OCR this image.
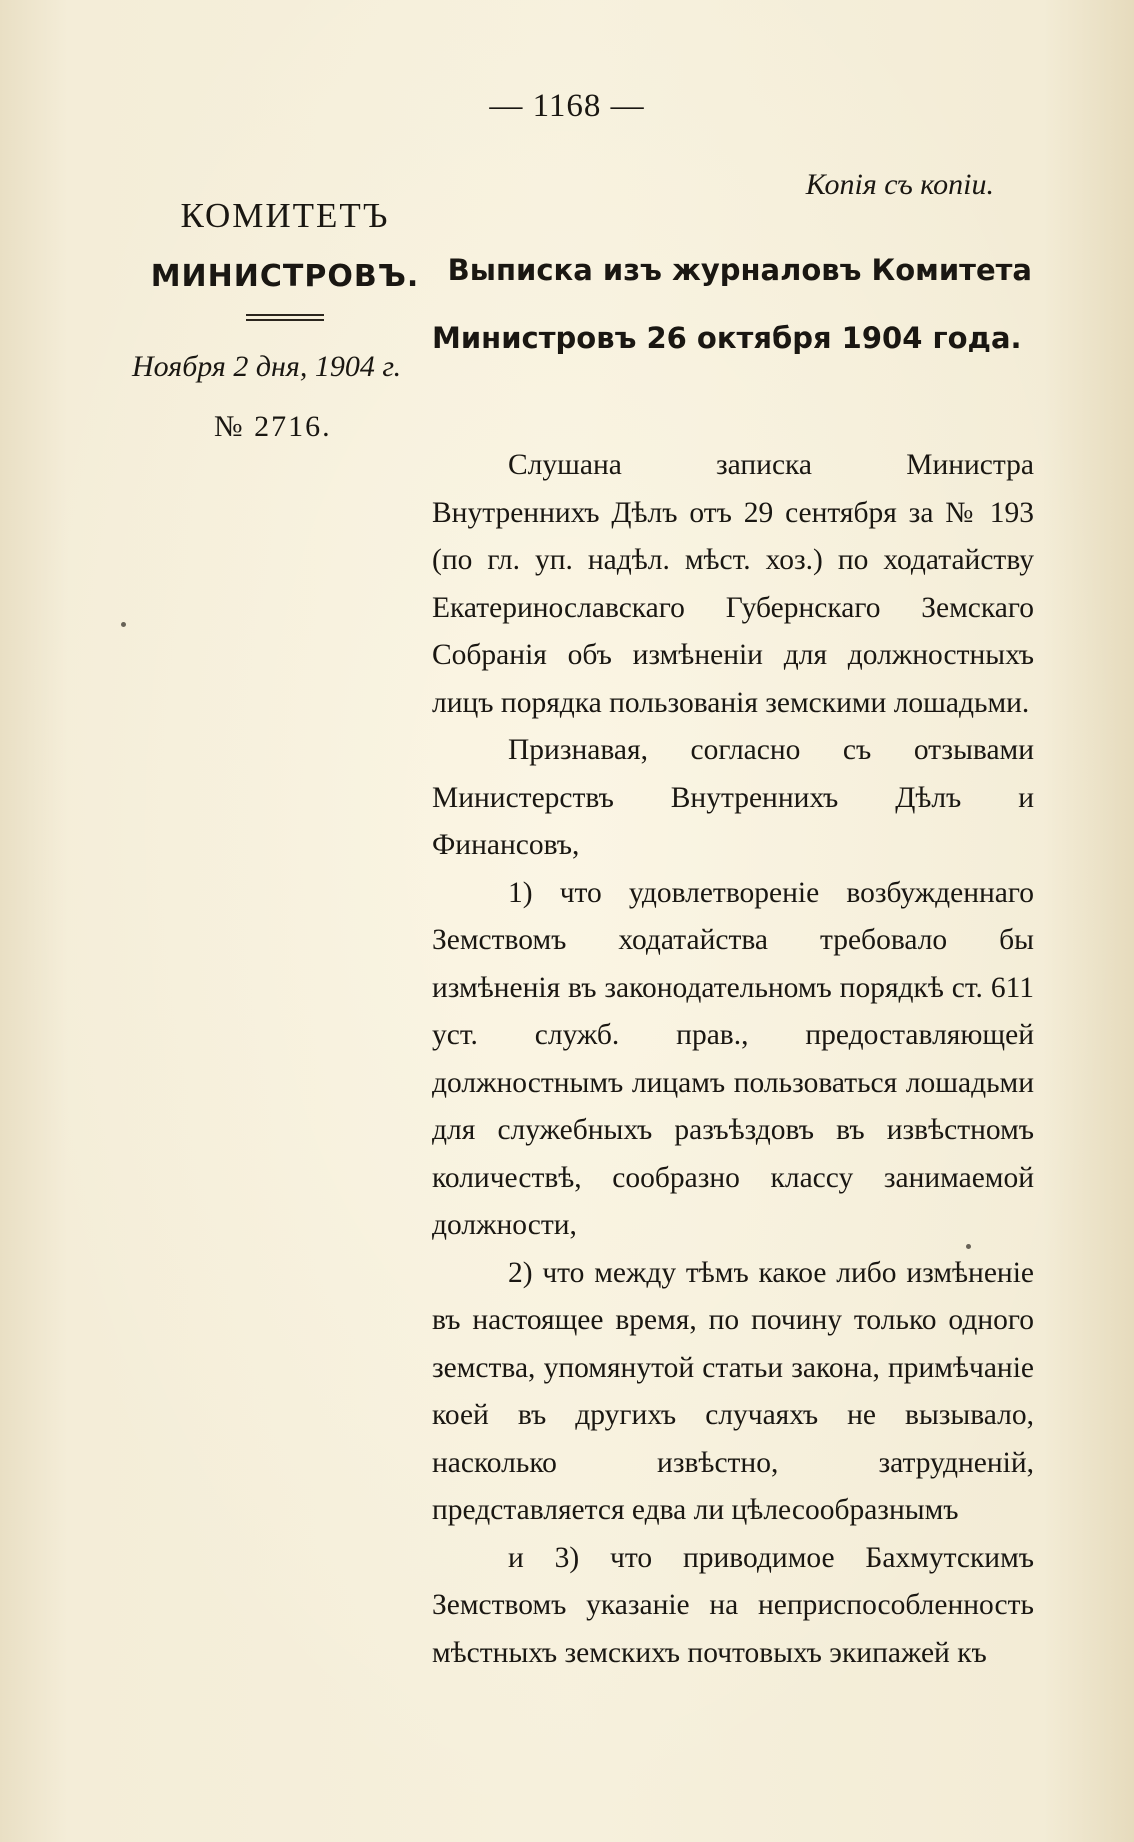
— 1168 —
Копія съ копіи.
КОМИТЕТЪ
МИНИСТРОВЪ.
Ноября 2 дня, 1904 г.
№ 2716.
Выписка изъ журналовъ Комитета
Министровъ 26 октября 1904 года.

Слушана записка Министра Внутреннихъ Дѣлъ отъ 29 сентября за № 193 (по гл. уп. надѣл. мѣст. хоз.) по ходатайству Екатеринославскаго Губернскаго Земскаго Собранія объ измѣненіи для должностныхъ лицъ порядка пользованія земскими лошадьми.

Признавая, согласно съ отзывами Министерствъ Внутреннихъ Дѣлъ и Финансовъ,

1) что удовлетвореніе возбужденнаго Земствомъ ходатайства требовало бы измѣненія въ законодательномъ порядкѣ ст. 611 уст. служб. прав., предоставляющей должностнымъ лицамъ пользоваться лошадьми для служебныхъ разъѣздовъ въ извѣстномъ количествѣ, сообразно классу занимаемой должности,

2) что между тѣмъ какое либо измѣненіе въ настоящее время, по почину только одного земства, упомянутой статьи закона, примѣчаніе коей въ другихъ случаяхъ не вызывало, насколько извѣстно, затрудненій, представляется едва ли цѣлесообразнымъ

и 3) что приводимое Бахмутскимъ Земствомъ указаніе на неприспособленность мѣстныхъ земскихъ почтовыхъ экипажей къ
